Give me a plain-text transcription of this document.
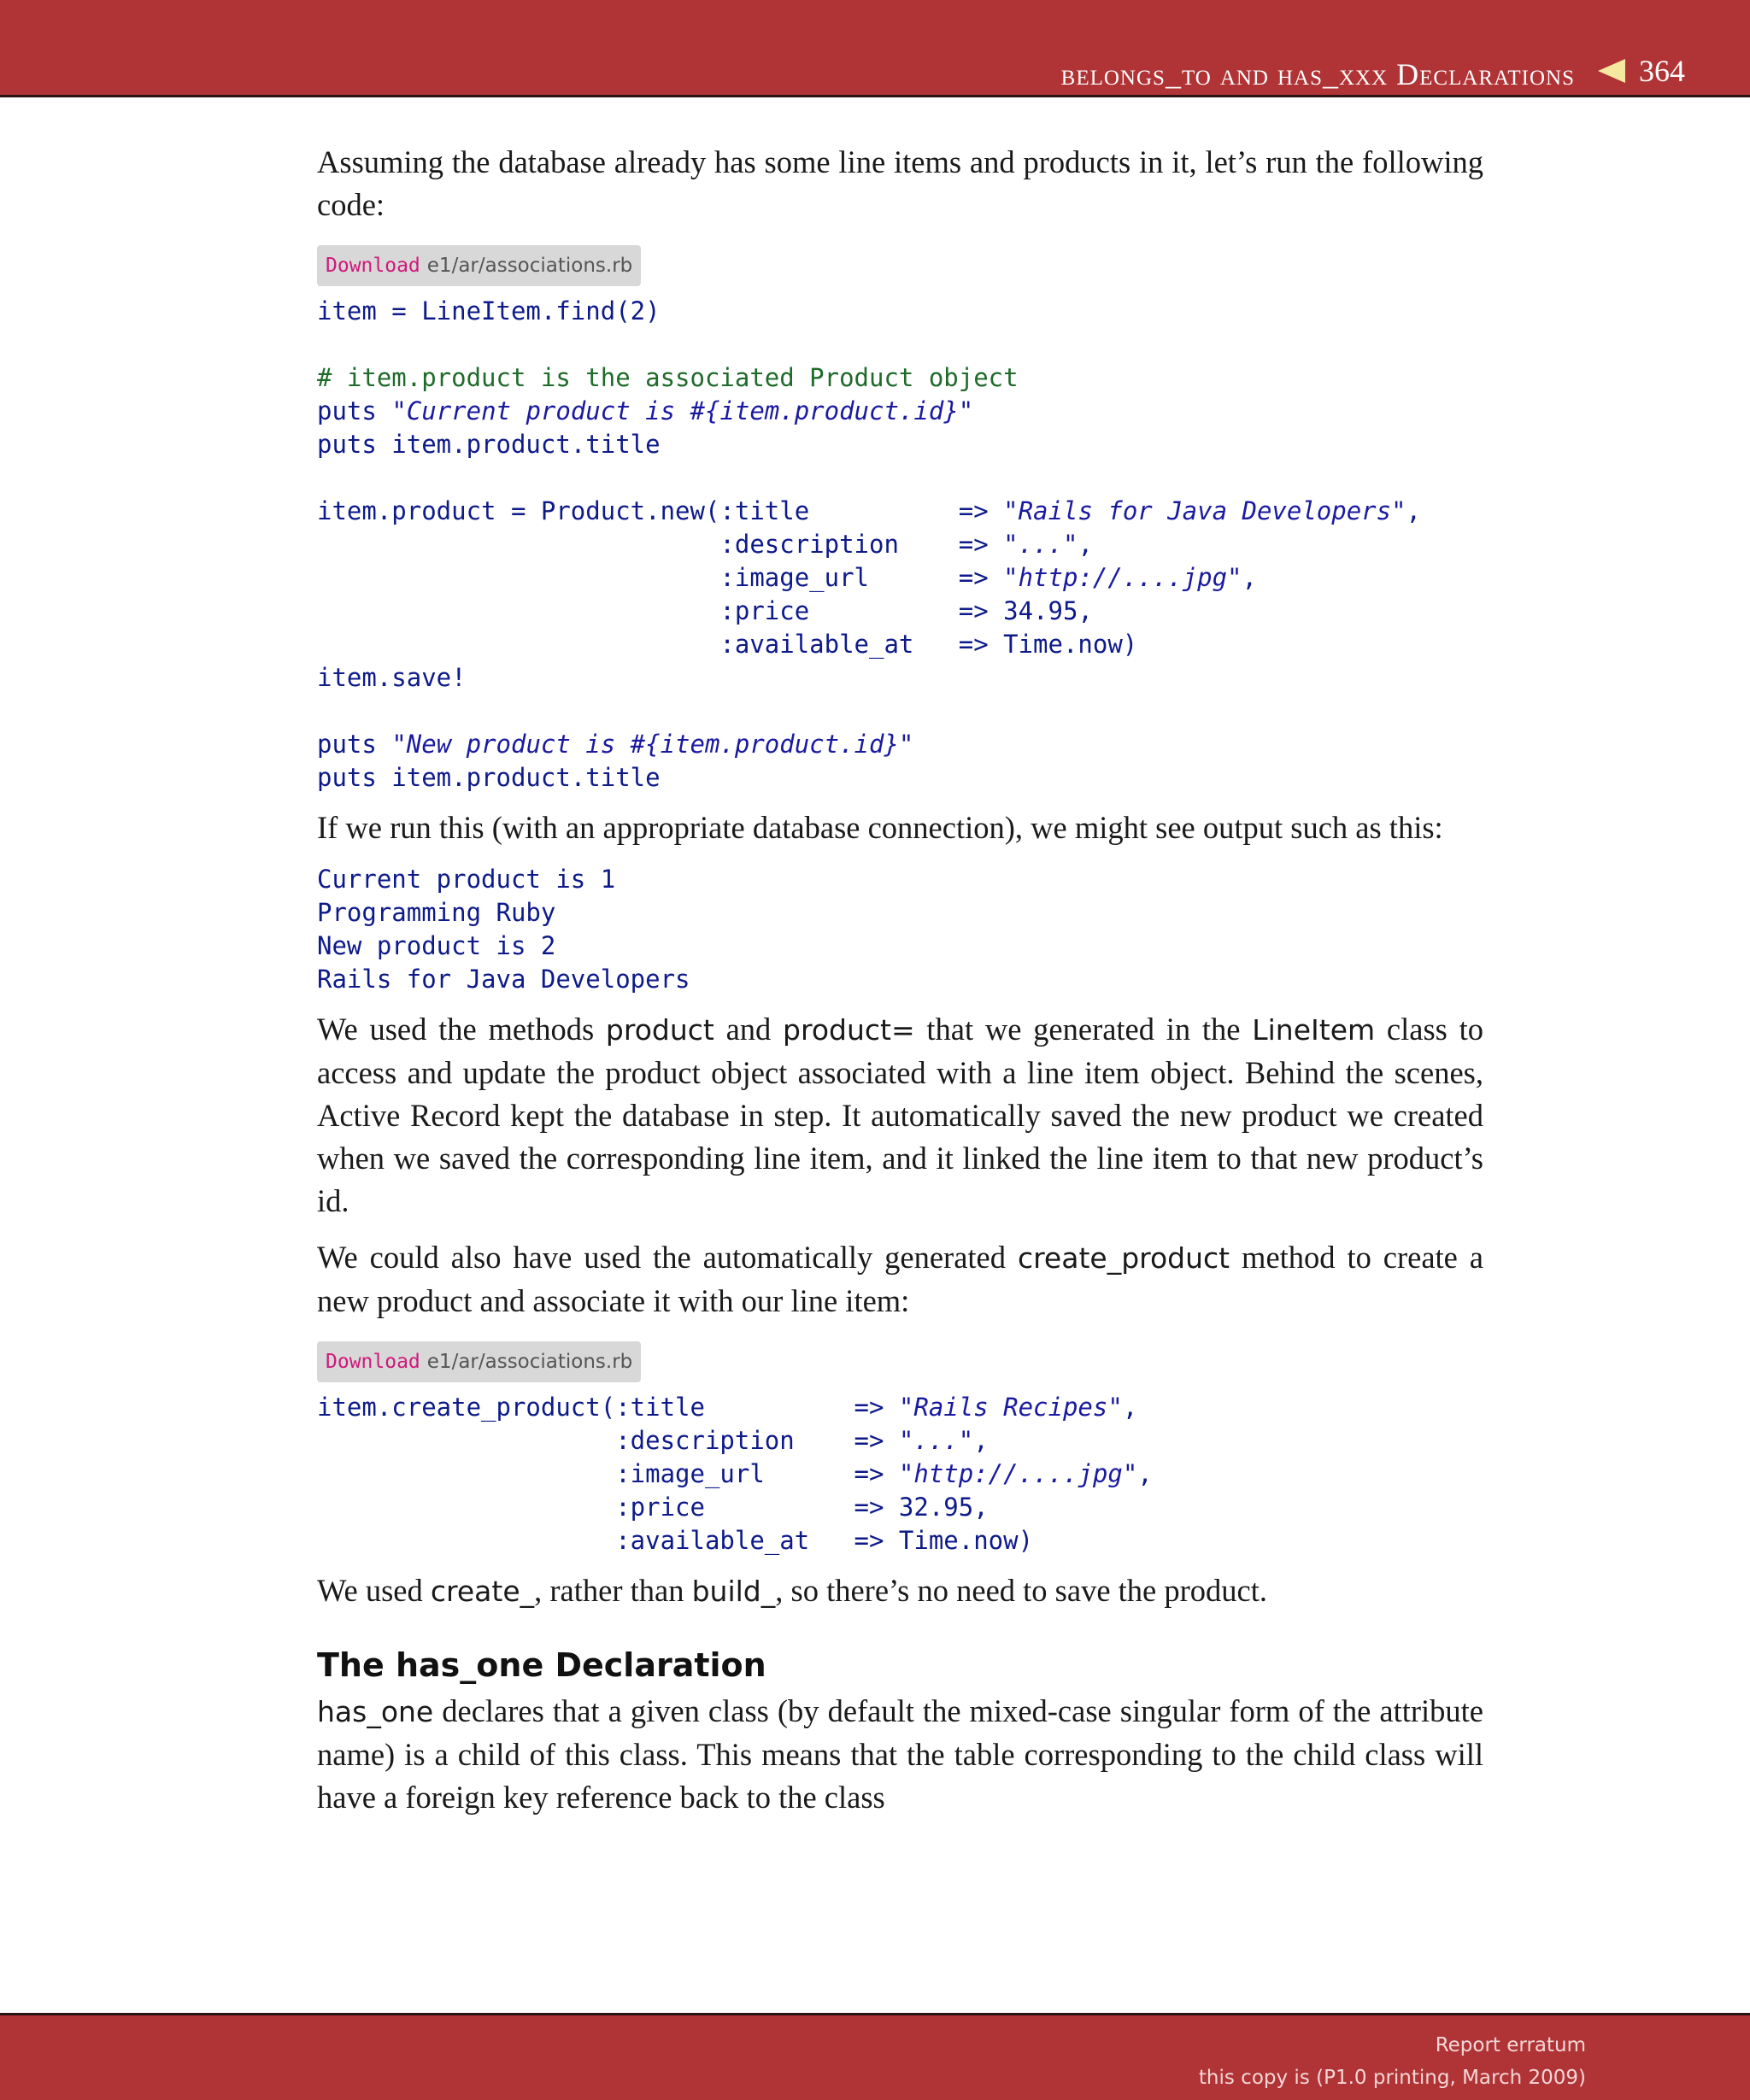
belongs_to and has_xxx Declarations 364

Assuming the database already has some line items and products in it, let’s run the following code:

Download e1/ar/associations.rb
item = LineItem.find(2)

# item.product is the associated Product object
puts "Current product is #{item.product.id}"
puts item.product.title

item.product = Product.new(:title          => "Rails for Java Developers",
:description    => "...",
:image_url      => "http://....jpg",
:price          => 34.95,
:available_at   => Time.now)
item.save!

puts "New product is #{item.product.id}"
puts item.product.title

If we run this (with an appropriate database connection), we might see output such as this:

Current product is 1
Programming Ruby
New product is 2
Rails for Java Developers

We used the methods product and product= that we generated in the LineItem class to access and update the product object associated with a line item object. Behind the scenes, Active Record kept the database in step. It automatically saved the new product we created when we saved the corresponding line item, and it linked the line item to that new product’s id.

We could also have used the automatically generated create_product method to create a new product and associate it with our line item:

Download e1/ar/associations.rb
item.create_product(:title          => "Rails Recipes",
:description    => "...",
:image_url      => "http://....jpg",
:price          => 32.95,
:available_at   => Time.now)

We used create_, rather than build_, so there’s no need to save the product.

The has_one Declaration

has_one declares that a given class (by default the mixed-case singular form of the attribute name) is a child of this class. This means that the table corresponding to the child class will have a foreign key reference back to the class

Report erratum
this copy is (P1.0 printing, March 2009)
